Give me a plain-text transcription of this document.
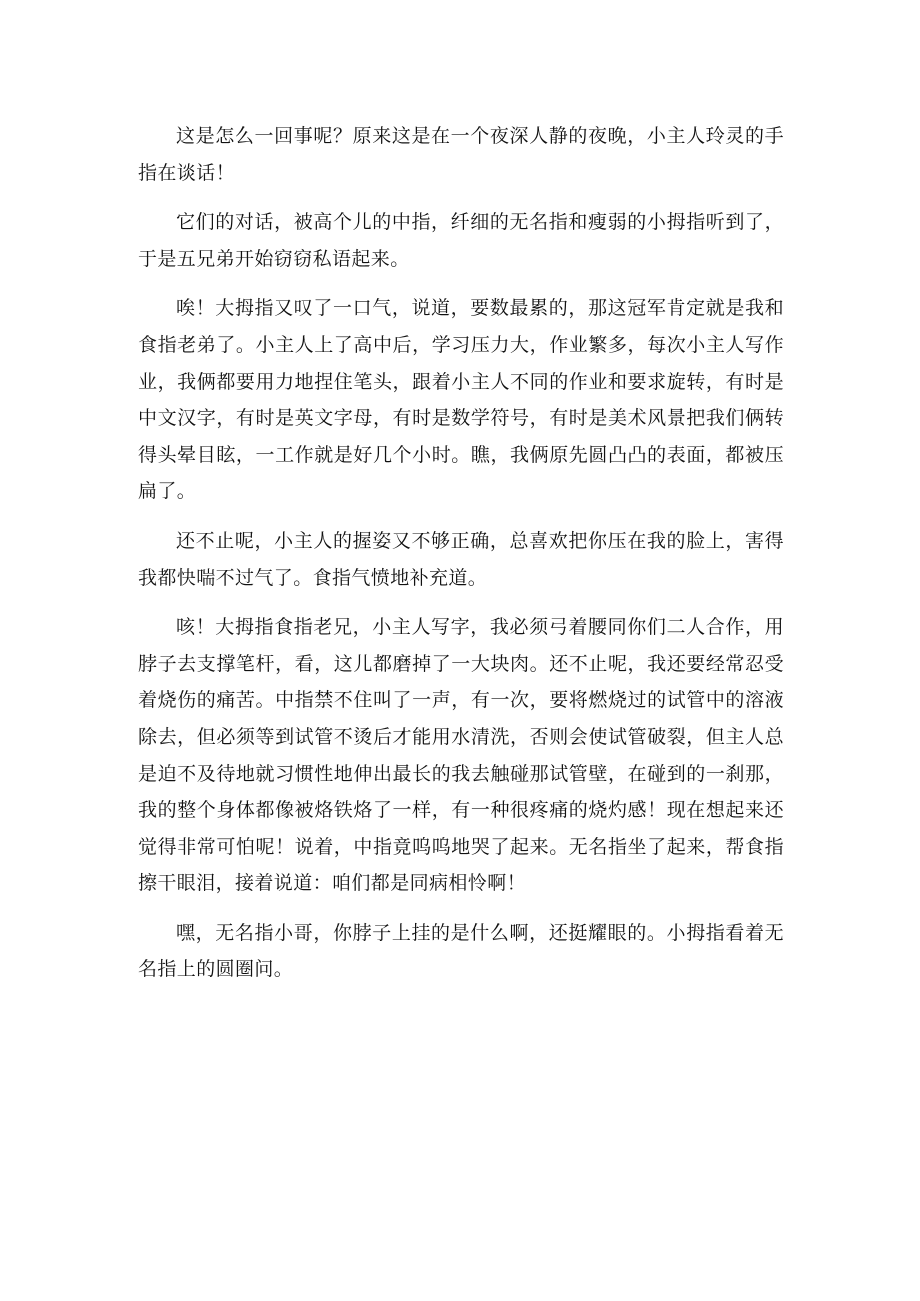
这是怎么一回事呢？原来这是在一个夜深人静的夜晚，小主人玲灵的手指在谈话！

它们的对话，被高个儿的中指，纤细的无名指和瘦弱的小拇指听到了，于是五兄弟开始窃窃私语起来。

唉！大拇指又叹了一口气，说道，要数最累的，那这冠军肯定就是我和食指老弟了。小主人上了高中后，学习压力大，作业繁多，每次小主人写作业，我俩都要用力地捏住笔头，跟着小主人不同的作业和要求旋转，有时是中文汉字，有时是英文字母，有时是数学符号，有时是美术风景把我们俩转得头晕目眩，一工作就是好几个小时。瞧，我俩原先圆凸凸的表面，都被压扁了。

还不止呢，小主人的握姿又不够正确，总喜欢把你压在我的脸上，害得我都快喘不过气了。食指气愤地补充道。

咳！大拇指食指老兄，小主人写字，我必须弓着腰同你们二人合作，用脖子去支撑笔杆，看，这儿都磨掉了一大块肉。还不止呢，我还要经常忍受着烧伤的痛苦。中指禁不住叫了一声，有一次，要将燃烧过的试管中的溶液除去，但必须等到试管不烫后才能用水清洗，否则会使试管破裂，但主人总是迫不及待地就习惯性地伸出最长的我去触碰那试管壁，在碰到的一刹那，我的整个身体都像被烙铁烙了一样，有一种很疼痛的烧灼感！现在想起来还觉得非常可怕呢！说着，中指竟呜呜地哭了起来。无名指坐了起来，帮食指擦干眼泪，接着说道：咱们都是同病相怜啊！

嘿，无名指小哥，你脖子上挂的是什么啊，还挺耀眼的。小拇指看着无名指上的圆圈问。
